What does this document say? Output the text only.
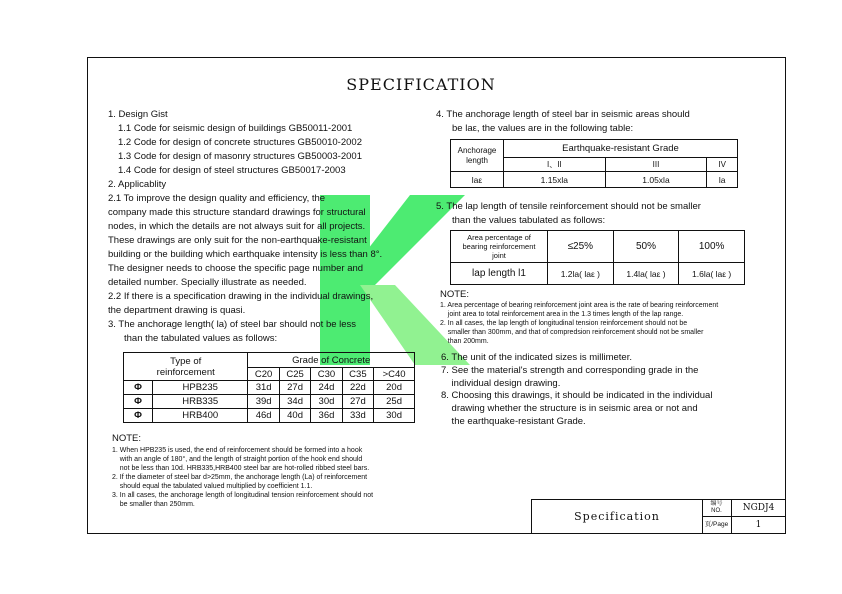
SPECIFICATION
1. Design Gist
1.1 Code for seismic design of buildings GB50011-2001
1.2 Code for design of concrete structures GB50010-2002
1.3 Code for design of masonry structures GB50003-2001
1.4 Code for design of steel structures GB50017-2003
2. Applicablity
2.1 To improve the design quality and efficiency, the
company made this structure standard drawings for structural
nodes, in which the details are not always suit for all projects.
These drawings are only suit for the non-earthquake-resistant
building or the building which earthquake intensity is less than 8°.
The designer needs to choose the specific page number and
detailed number. Specially illustrate as needed.
2.2 If there is a specification drawing in the individual drawings,
the department drawing is quasi.
3. The anchorage length( la) of steel bar should not be less
than the tabulated values as follows:
Type of
reinforcement		Grade of Concrete				
		C20	C25	C30	C35	>C40
Φ	HPB235	31d	27d	24d	22d	20d
Φ	HRB335	39d	34d	30d	27d	25d
Φ	HRB400	46d	40d	36d	33d	30d
NOTE:
1. When HPB235 is used, the end of reinforcement should be formed into a hook
with an angle of 180°, and the length of straight portion of the hook end should
not be less than 10d. HRB335,HRB400 steel bar are hot-rolled ribbed steel bars.
2. If the diameter of steel bar d>25mm, the anchorage length (La) of reinforcement
should equal the tabulated valued multiplied by coefficient 1.1.
3. In all cases, the anchorage length of longitudinal tension reinforcement should not
be smaller than 250mm.
4. The anchorage length of steel bar in seismic areas should
be laε, the values are in the following table:
Anchorage
length	Earthquake-resistant Grade		
	I、II	III	IV
laε	1.15xla	1.05xla	la
5. The lap length of tensile reinforcement should not be smaller
than the values tabulated as follows:
Area percentage of
bearing reinforcement
joint	≤25%	50%	100%
lap length l1	1.2la( laε )	1.4la( laε )	1.6la( laε )
NOTE:
1. Area percentage of bearing reinforcement joint area is the rate of bearing reinforcement
joint area to total reinforcement area in the 1.3 times length of the lap range.
2. In all cases, the lap length of longitudinal tension reinforcement should not be
smaller than 300mm, and that of compredsion reinforcement should not be smaller
than 200mm.
6. The unit of the indicated sizes is millimeter.
7. See the material's strength and corresponding grade in the
individual design drawing.
8. Choosing this drawings, it should be indicated in the individual
drawing whether the structure is in seismic area or not and
the earthquake-resistant Grade.
Specification
编号
NO.	NGDJ4
页/Page	1
